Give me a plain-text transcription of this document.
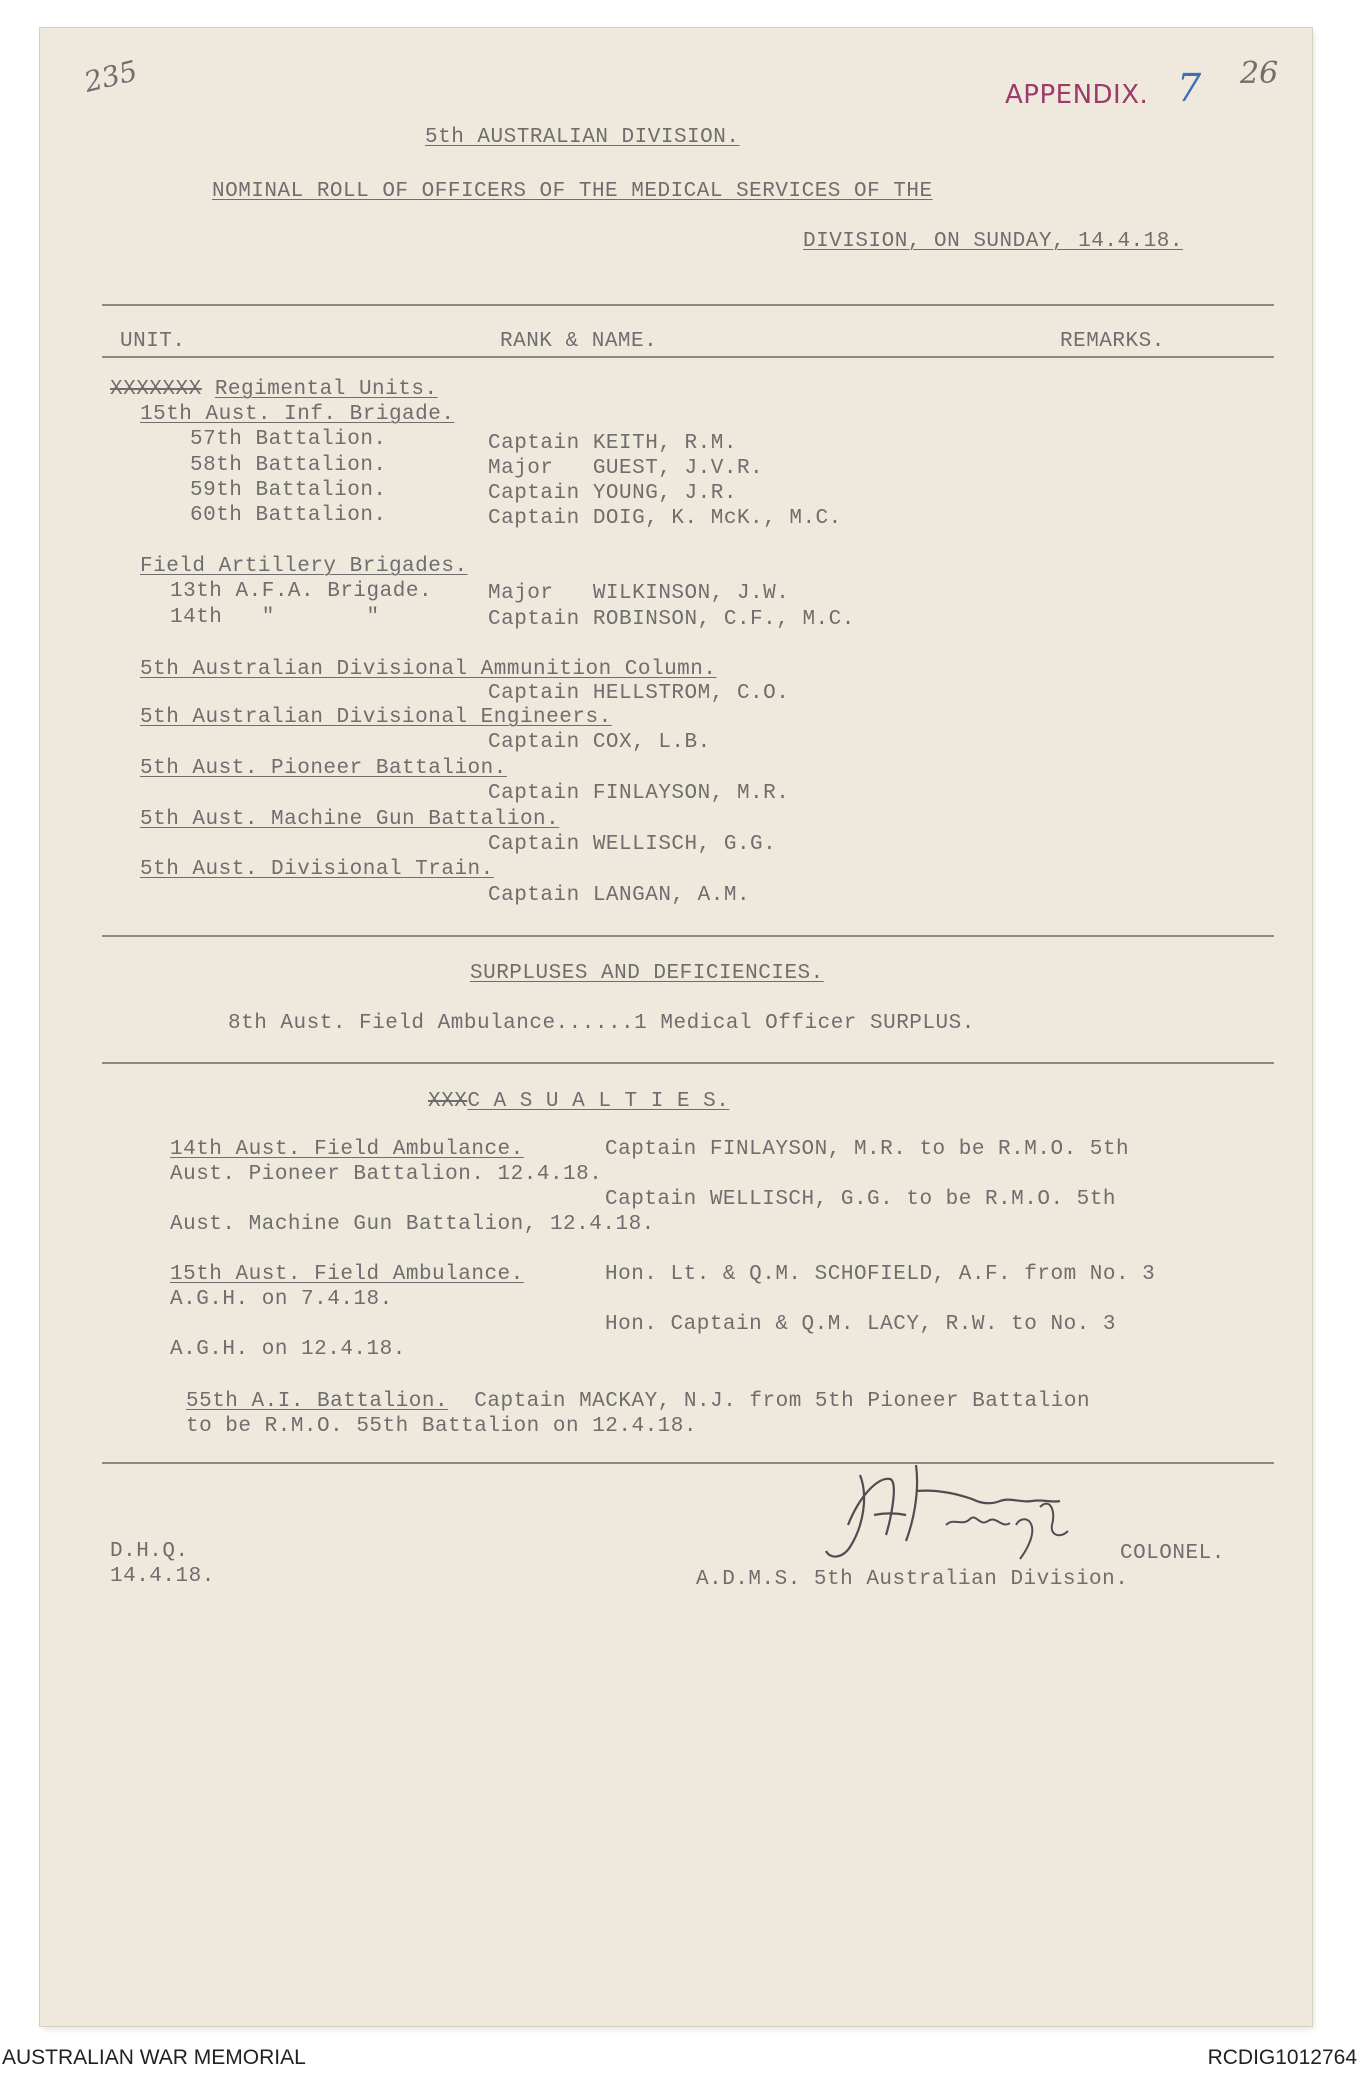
235	APPENDIX. 7 26
5th AUSTRALIAN DIVISION.
NOMINAL ROLL OF OFFICERS OF THE MEDICAL SERVICES OF THE
DIVISION, ON SUNDAY, 14.4.18.
UNIT.	RANK & NAME.	REMARKS.
XXXXXXX Regimental Units.
15th Aust. Inf. Brigade.
57th Battalion.	Captain KEITH, R.M.
58th Battalion.	Major   GUEST, J.V.R.
59th Battalion.	Captain YOUNG, J.R.
60th Battalion.	Captain DOIG, K. McK., M.C.
Field Artillery Brigades.
13th A.F.A. Brigade.	Major   WILKINSON, J.W.
14th   "       "	Captain ROBINSON, C.F., M.C.
5th Australian Divisional Ammunition Column.
Captain HELLSTROM, C.O.
5th Australian Divisional Engineers.
Captain COX, L.B.
5th Aust. Pioneer Battalion.
Captain FINLAYSON, M.R.
5th Aust. Machine Gun Battalion.
Captain WELLISCH, G.G.
5th Aust. Divisional Train.
Captain LANGAN, A.M.
SURPLUSES AND DEFICIENCIES.
8th Aust. Field Ambulance......1 Medical Officer SURPLUS.
XXXC A S U A L T I E S.
14th Aust. Field Ambulance.	Captain FINLAYSON, M.R. to be R.M.O. 5th
Aust. Pioneer Battalion. 12.4.18.
Captain WELLISCH, G.G. to be R.M.O. 5th
Aust. Machine Gun Battalion, 12.4.18.
15th Aust. Field Ambulance.	Hon. Lt. & Q.M. SCHOFIELD, A.F. from No. 3
A.G.H. on 7.4.18.
Hon. Captain & Q.M. LACY, R.W. to No. 3
A.G.H. on 12.4.18.
55th A.I. Battalion. Captain MACKAY, N.J. from 5th Pioneer Battalion
to be R.M.O. 55th Battalion on 12.4.18.
D.H.Q.
14.4.18.
COLONEL.
A.D.M.S. 5th Australian Division.
AUSTRALIAN WAR MEMORIAL	RCDIG1012764
